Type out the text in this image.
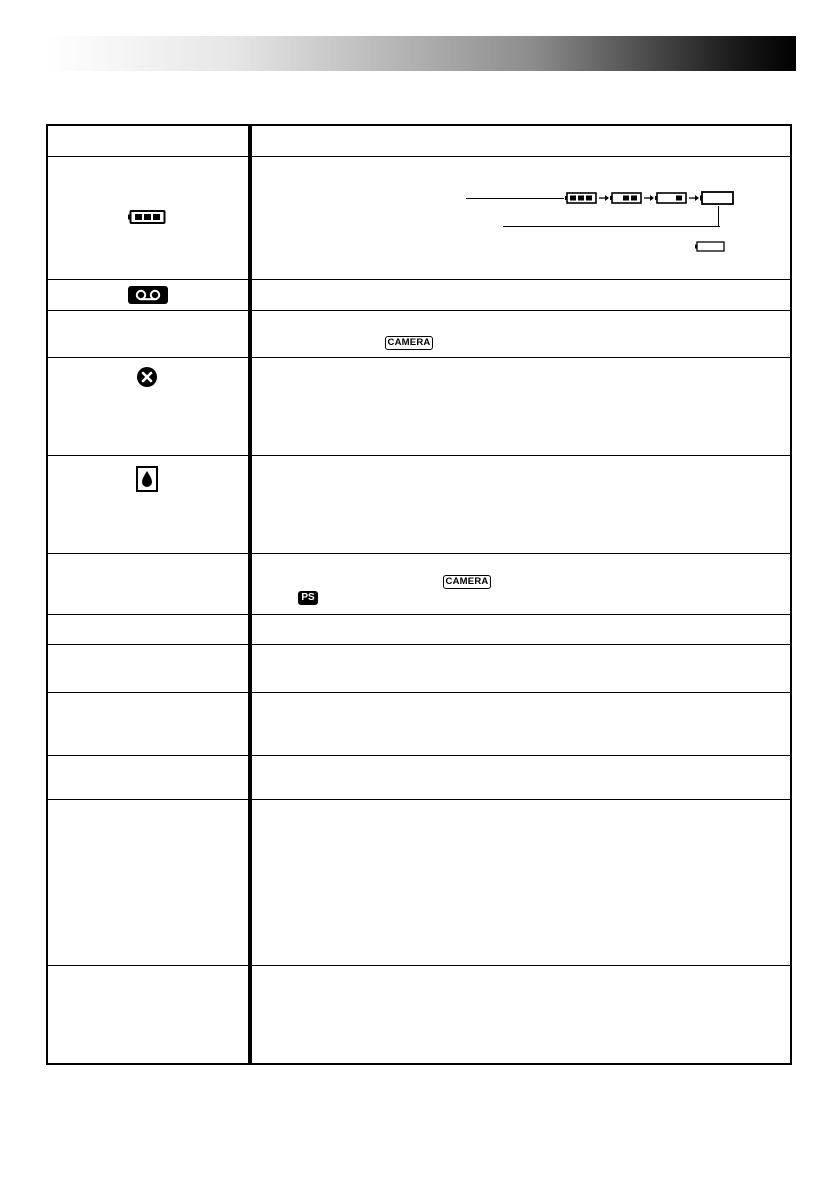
CAMERA
CAMERA
PS
